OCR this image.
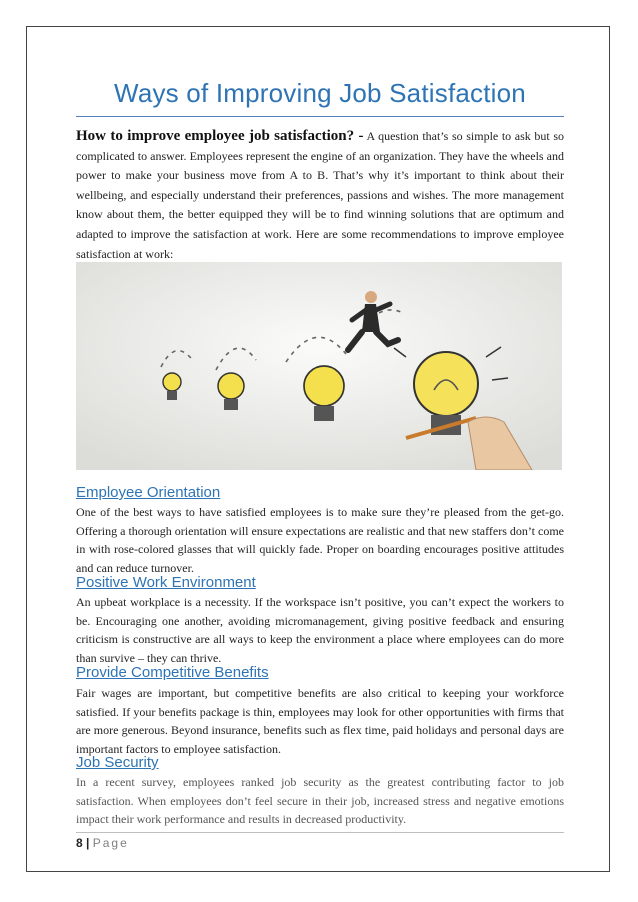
Ways of Improving Job Satisfaction
How to improve employee job satisfaction? - A question that’s so simple to ask but so complicated to answer. Employees represent the engine of an organization. They have the wheels and power to make your business move from A to B. That’s why it’s important to think about their wellbeing, and especially understand their preferences, passions and wishes. The more management know about them, the better equipped they will be to find winning solutions that are optimum and adapted to improve the satisfaction at work. Here are some recommendations to improve employee satisfaction at work:
Employee Orientation
One of the best ways to have satisfied employees is to make sure they’re pleased from the get-go. Offering a thorough orientation will ensure expectations are realistic and that new staffers don’t come in with rose-colored glasses that will quickly fade. Proper on boarding encourages positive attitudes and can reduce turnover.
Positive Work Environment
An upbeat workplace is a necessity. If the workspace isn’t positive, you can’t expect the workers to be. Encouraging one another, avoiding micromanagement, giving positive feedback and ensuring criticism is constructive are all ways to keep the environment a place where employees can do more than survive – they can thrive.
Provide Competitive Benefits
Fair wages are important, but competitive benefits are also critical to keeping your workforce satisfied. If your benefits package is thin, employees may look for other opportunities with firms that are more generous. Beyond insurance, benefits such as flex time, paid holidays and personal days are important factors to employee satisfaction.
Job Security
In a recent survey, employees ranked job security as the greatest contributing factor to job satisfaction. When employees don’t feel secure in their job, increased stress and negative emotions impact their work performance and results in decreased productivity.
8 | Page
